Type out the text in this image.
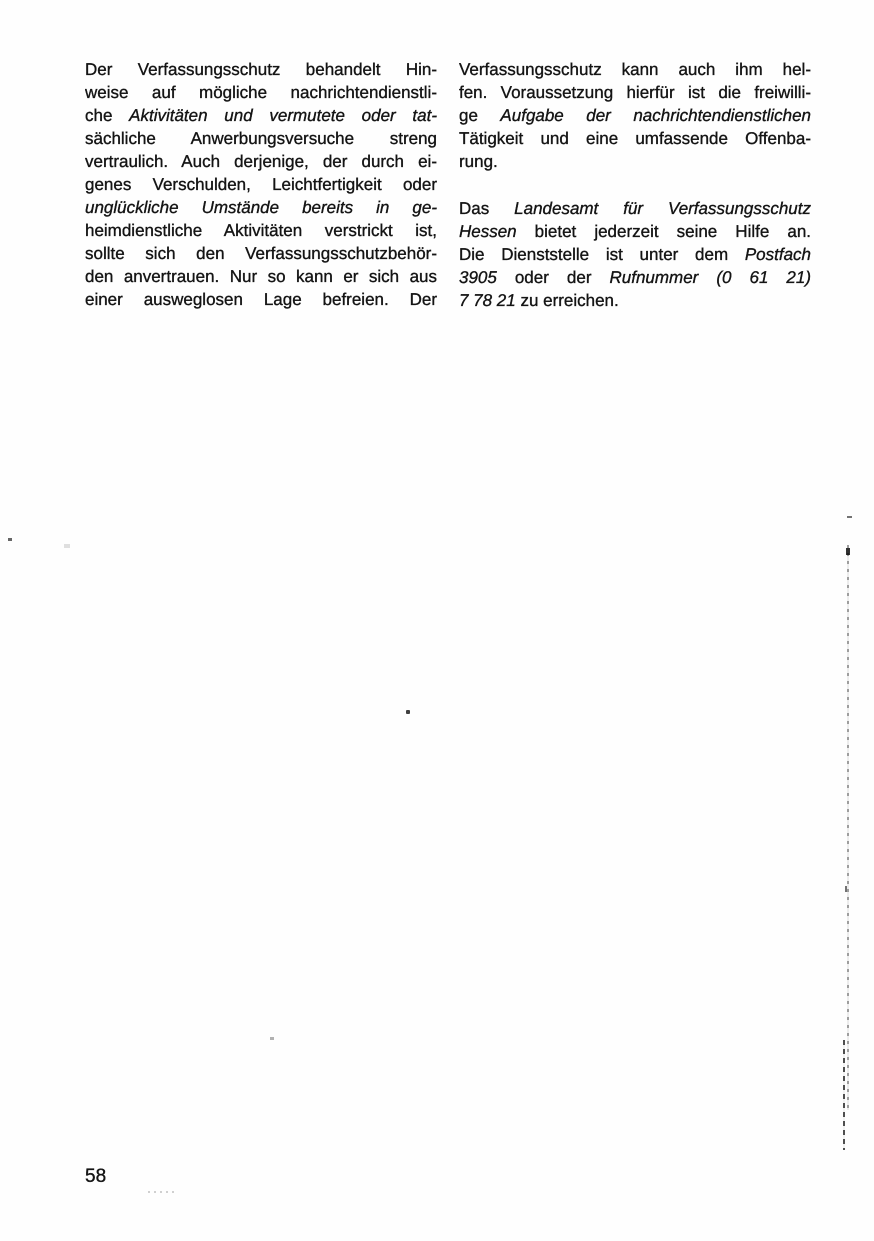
Der Verfassungsschutz behandelt Hin-
weise auf mögliche nachrichtendienstli-
che Aktivitäten und vermutete oder tat-
sächliche Anwerbungsversuche streng
vertraulich. Auch derjenige, der durch ei-
genes Verschulden, Leichtfertigkeit oder
unglückliche Umstände bereits in ge-
heimdienstliche Aktivitäten verstrickt ist,
sollte sich den Verfassungsschutzbehör-
den anvertrauen. Nur so kann er sich aus
einer ausweglosen Lage befreien. Der
Verfassungsschutz kann auch ihm hel-
fen. Voraussetzung hierfür ist die freiwilli-
ge Aufgabe der nachrichtendienstlichen
Tätigkeit und eine umfassende Offenba-
rung.
Das Landesamt für Verfassungsschutz
Hessen bietet jederzeit seine Hilfe an.
Die Dienststelle ist unter dem Postfach
3905 oder der Rufnummer (0 61 21)
7 78 21 zu erreichen.
58
